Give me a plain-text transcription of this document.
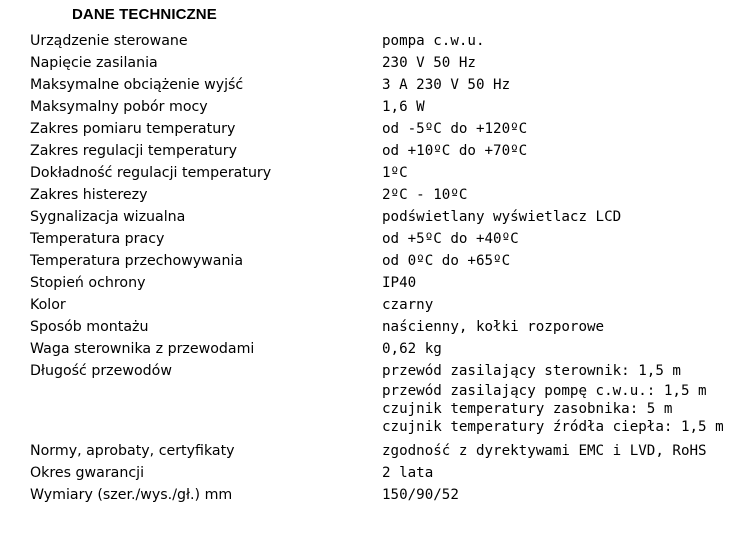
DANE TECHNICZNE
Urządzenie sterowane	pompa c.w.u.
Napięcie zasilania	230 V 50 Hz
Maksymalne obciążenie wyjść	3 A 230 V 50 Hz
Maksymalny pobór mocy	1,6 W
Zakres pomiaru temperatury	od -5ºC do +120ºC
Zakres regulacji temperatury	od +10ºC do +70ºC
Dokładność regulacji temperatury	1ºC
Zakres histerezy	2ºC - 10ºC
Sygnalizacja wizualna	podświetlany wyświetlacz LCD
Temperatura pracy	od +5ºC do +40ºC
Temperatura przechowywania	od 0ºC do +65ºC
Stopień ochrony	IP40
Kolor	czarny
Sposób montażu	naścienny, kołki rozporowe
Waga sterownika z przewodami	0,62 kg
Długość przewodów	przewód zasilający sterownik: 1,5 m
przewód zasilający pompę c.w.u.: 1,5 m
czujnik temperatury zasobnika: 5 m
czujnik temperatury źródła ciepła: 1,5 m
Normy, aprobaty, certyfikaty	zgodność z dyrektywami EMC i LVD, RoHS
Okres gwarancji	2 lata
Wymiary (szer./wys./gł.) mm	150/90/52
